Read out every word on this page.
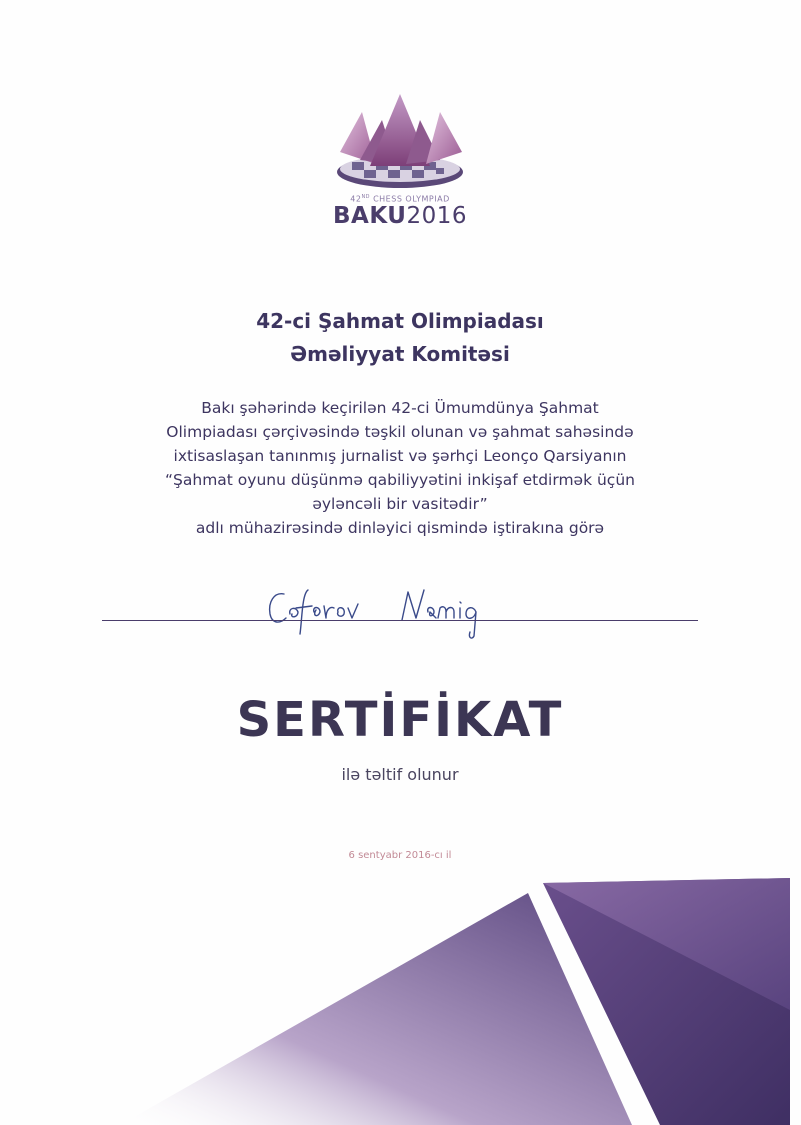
42ND CHESS OLYMPIAD
BAKU2016
42-ci Şahmat Olimpiadası
Əməliyyat Komitəsi
Bakı şəhərində keçirilən 42-ci Ümumdünya Şahmat
Olimpiadası çərçivəsində təşkil olunan və şahmat sahəsində
ixtisaslaşan tanınmış jurnalist və şərhçi Leonço Qarsiyanın
“Şahmat oyunu düşünmə qabiliyyətini inkişaf etdirmək üçün
əyləncəli bir vasitədir”
adlı mühazirəsində dinləyici qismində iştirakına görə
SERTİFİKAT
ilə təltif olunur
6 sentyabr 2016-cı il
